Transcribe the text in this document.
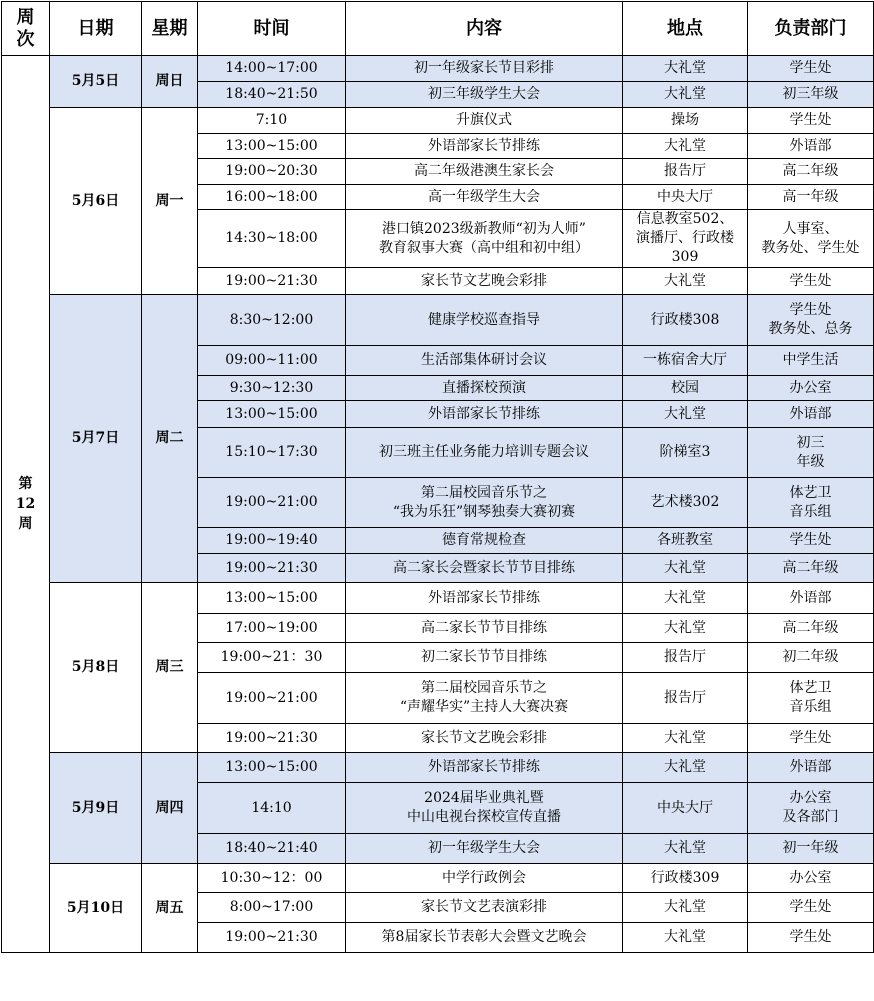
周
次	日期	星期	时间	内容	地点	负责部门

第
12
周	5月5日	周日	14:00~17:00	初一年级家长节目彩排	大礼堂	学生处

			18:40~21:50	初三年级学生大会	大礼堂	初三年级

	5月6日	周一	7:10	升旗仪式	操场	学生处

			13:00~15:00	外语部家长节排练	大礼堂	外语部

			19:00~20:30	高二年级港澳生家长会	报告厅	高二年级

			16:00~18:00	高一年级学生大会	中央大厅	高一年级

			14:30~18:00	港口镇2023级新教师“初为人师”
教育叙事大赛（高中组和初中组）	信息教室502、
演播厅、行政楼
309	人事室、
教务处、学生处

			19:00~21:30	家长节文艺晚会彩排	大礼堂	学生处

	5月7日	周二	8:30~12:00	健康学校巡查指导	行政楼308	学生处
教务处、总务

			09:00~11:00	生活部集体研讨会议	一栋宿舍大厅	中学生活

			9:30~12:30	直播探校预演	校园	办公室

			13:00~15:00	外语部家长节排练	大礼堂	外语部

			15:10~17:30	初三班主任业务能力培训专题会议	阶梯室3	初三
年级

			19:00~21:00	第二届校园音乐节之
“我为乐狂”钢琴独奏大赛初赛	艺术楼302	体艺卫
音乐组

			19:00~19:40	德育常规检查	各班教室	学生处

			19:00~21:30	高二家长会暨家长节节目排练	大礼堂	高二年级

	5月8日	周三	13:00~15:00	外语部家长节排练	大礼堂	外语部

			17:00~19:00	高二家长节节目排练	大礼堂	高二年级

			19:00~21：30	初二家长节节目排练	报告厅	初二年级

			19:00~21:00	第二届校园音乐节之
“声耀华实”主持人大赛决赛	报告厅	体艺卫
音乐组

			19:00~21:30	家长节文艺晚会彩排	大礼堂	学生处

	5月9日	周四	13:00~15:00	外语部家长节排练	大礼堂	外语部

			14:10	2024届毕业典礼暨
中山电视台探校宣传直播	中央大厅	办公室
及各部门

			18:40~21:40	初一年级学生大会	大礼堂	初一年级

	5月10日	周五	10:30~12：00	中学行政例会	行政楼309	办公室

			8:00~17:00	家长节文艺表演彩排	大礼堂	学生处

			19:00~21:30	第8届家长节表彰大会暨文艺晚会	大礼堂	学生处
